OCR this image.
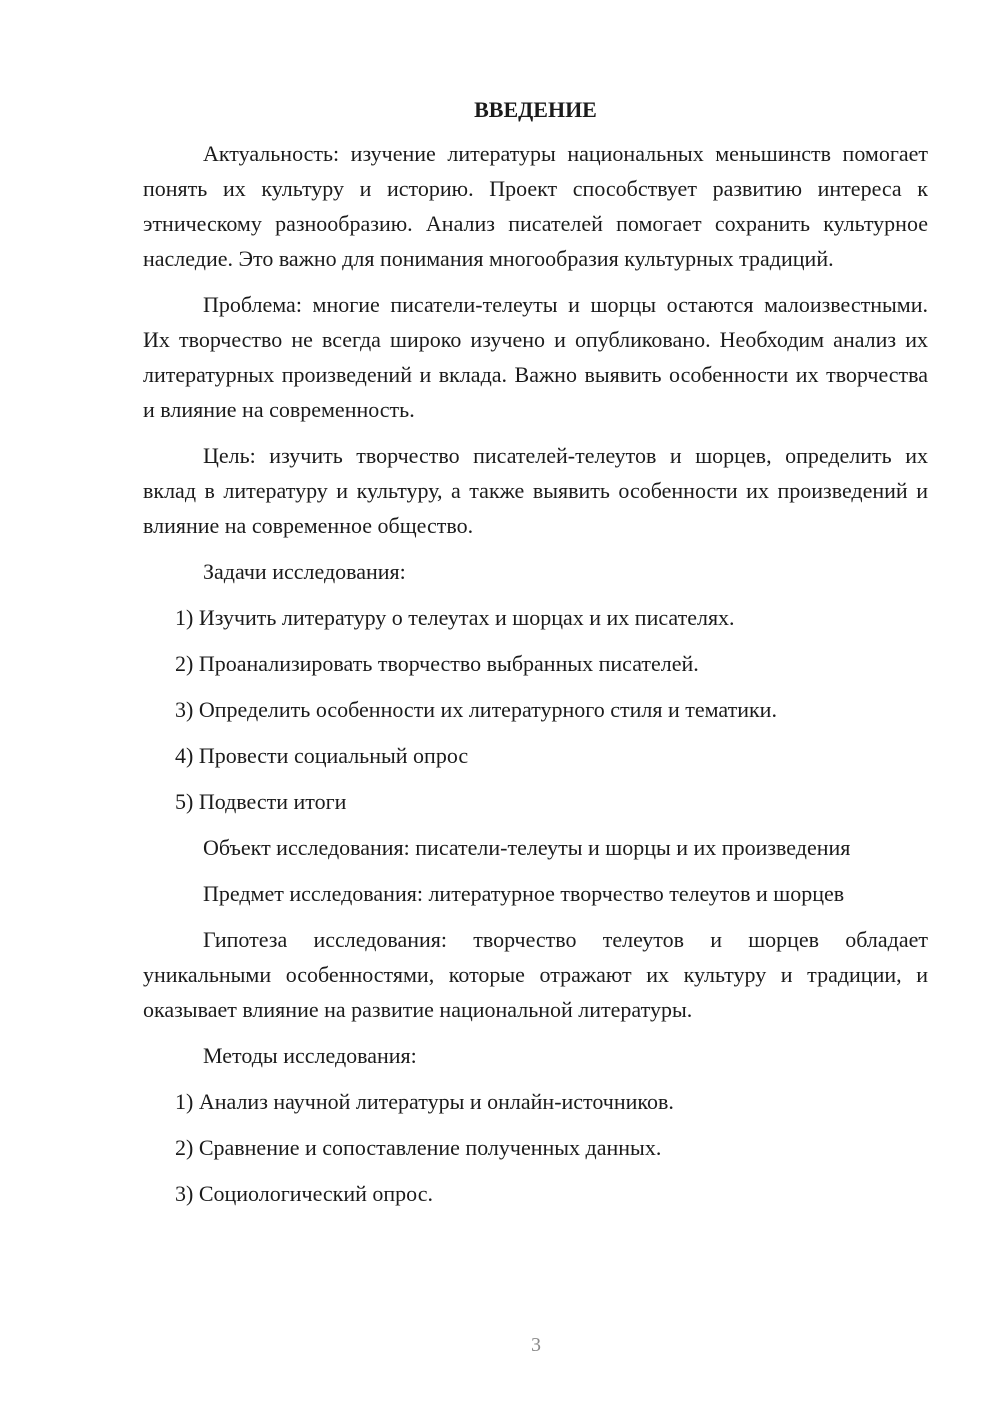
ВВЕДЕНИЕ

Актуальность: изучение литературы национальных меньшинств помогает понять их культуру и историю. Проект способствует развитию интереса к этническому разнообразию. Анализ писателей помогает сохранить культурное наследие. Это важно для понимания многообразия культурных традиций.

Проблема: многие писатели-телеуты и шорцы остаются малоизвестными. Их творчество не всегда широко изучено и опубликовано. Необходим анализ их литературных произведений и вклада. Важно выявить особенности их творчества и влияние на современность.

Цель: изучить творчество писателей-телеутов и шорцев, определить их вклад в литературу и культуру, а также выявить особенности их произведений и влияние на современное общество.

Задачи исследования:

1) Изучить литературу о телеутах и шорцах и их писателях.
2) Проанализировать творчество выбранных писателей.
3) Определить особенности их литературного стиля и тематики.
4) Провести социальный опрос
5) Подвести итоги

Объект исследования: писатели-телеуты и шорцы и их произведения

Предмет исследования: литературное творчество телеутов и шорцев

Гипотеза исследования: творчество телеутов и шорцев обладает уникальными особенностями, которые отражают их культуру и традиции, и оказывает влияние на развитие национальной литературы.

Методы исследования:

1) Анализ научной литературы и онлайн-источников.
2) Сравнение и сопоставление полученных данных.
3) Социологический опрос.
3
